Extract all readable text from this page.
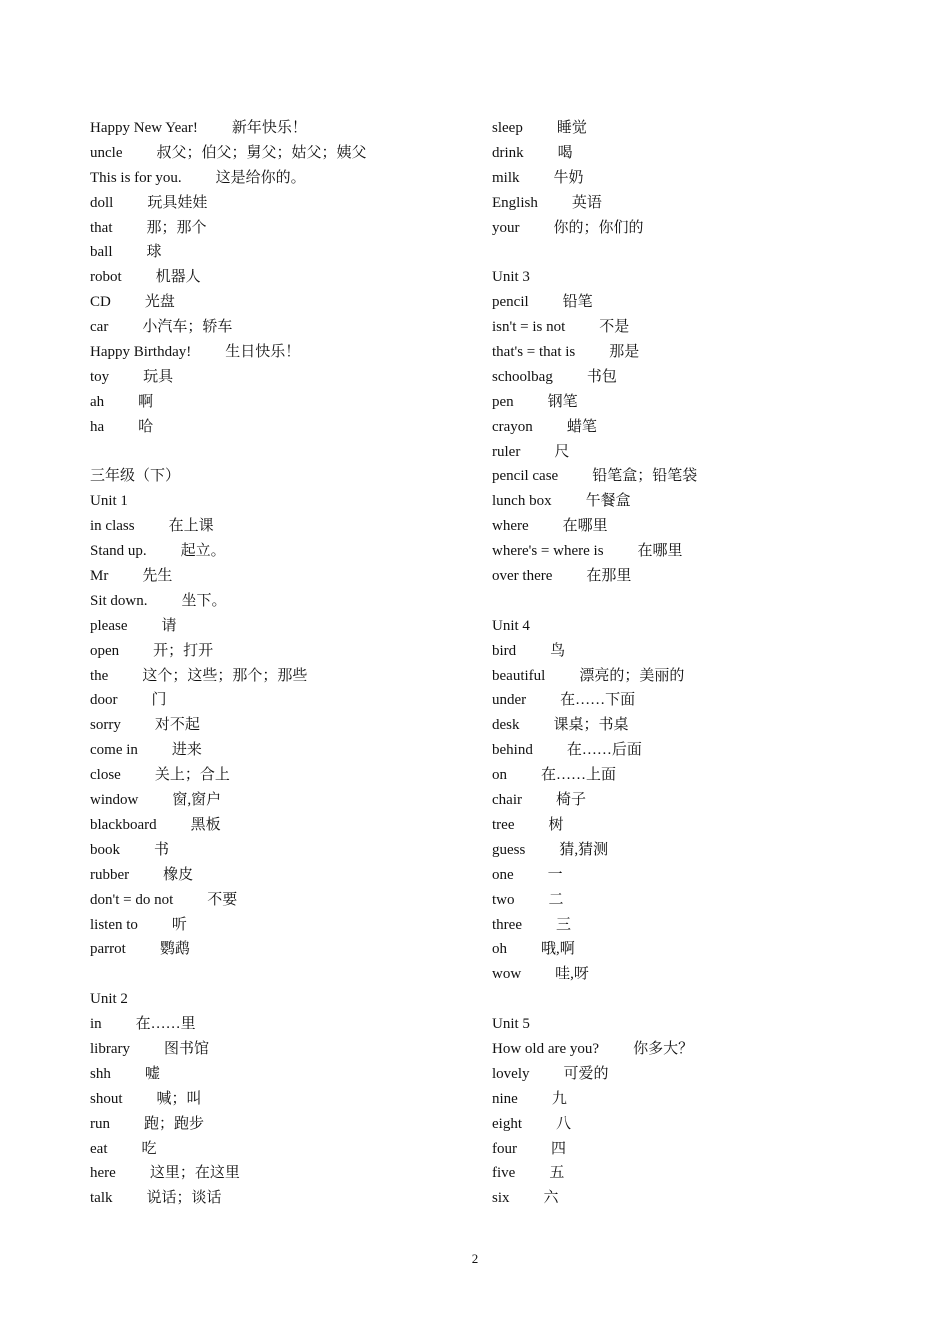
Happy New Year! 新年快乐！
uncle 叔父；伯父；舅父；姑父；姨父
This is for you. 这是给你的。
doll 玩具娃娃
that 那；那个
ball 球
robot 机器人
CD 光盘
car 小汽车；轿车
Happy Birthday! 生日快乐！
toy 玩具
ah 啊
ha 哈
三年级（下）
Unit 1
in class 在上课
Stand up. 起立。
Mr 先生
Sit down. 坐下。
please 请
open 开；打开
the 这个；这些；那个；那些
door 门
sorry 对不起
come in 进来
close 关上；合上
window 窗,窗户
blackboard 黑板
book 书
rubber 橡皮
don't = do not 不要
listen to 听
parrot 鹦鹉
Unit 2
in 在……里
library 图书馆
shh 嘘
shout 喊；叫
run 跑；跑步
eat 吃
here 这里；在这里
talk 说话；谈话
sleep 睡觉
drink 喝
milk 牛奶
English 英语
your 你的；你们的
Unit 3
pencil 铅笔
isn't = is not 不是
that's = that is 那是
schoolbag 书包
pen 钢笔
crayon 蜡笔
ruler 尺
pencil case 铅笔盒；铅笔袋
lunch box 午餐盒
where 在哪里
where's = where is 在哪里
over there 在那里
Unit 4
bird 鸟
beautiful 漂亮的；美丽的
under 在……下面
desk 课桌；书桌
behind 在……后面
on 在……上面
chair 椅子
tree 树
guess 猜,猜测
one 一
two 二
three 三
oh 哦,啊
wow 哇,呀
Unit 5
How old are you? 你多大？
lovely 可爱的
nine 九
eight 八
four 四
five 五
six 六
2
